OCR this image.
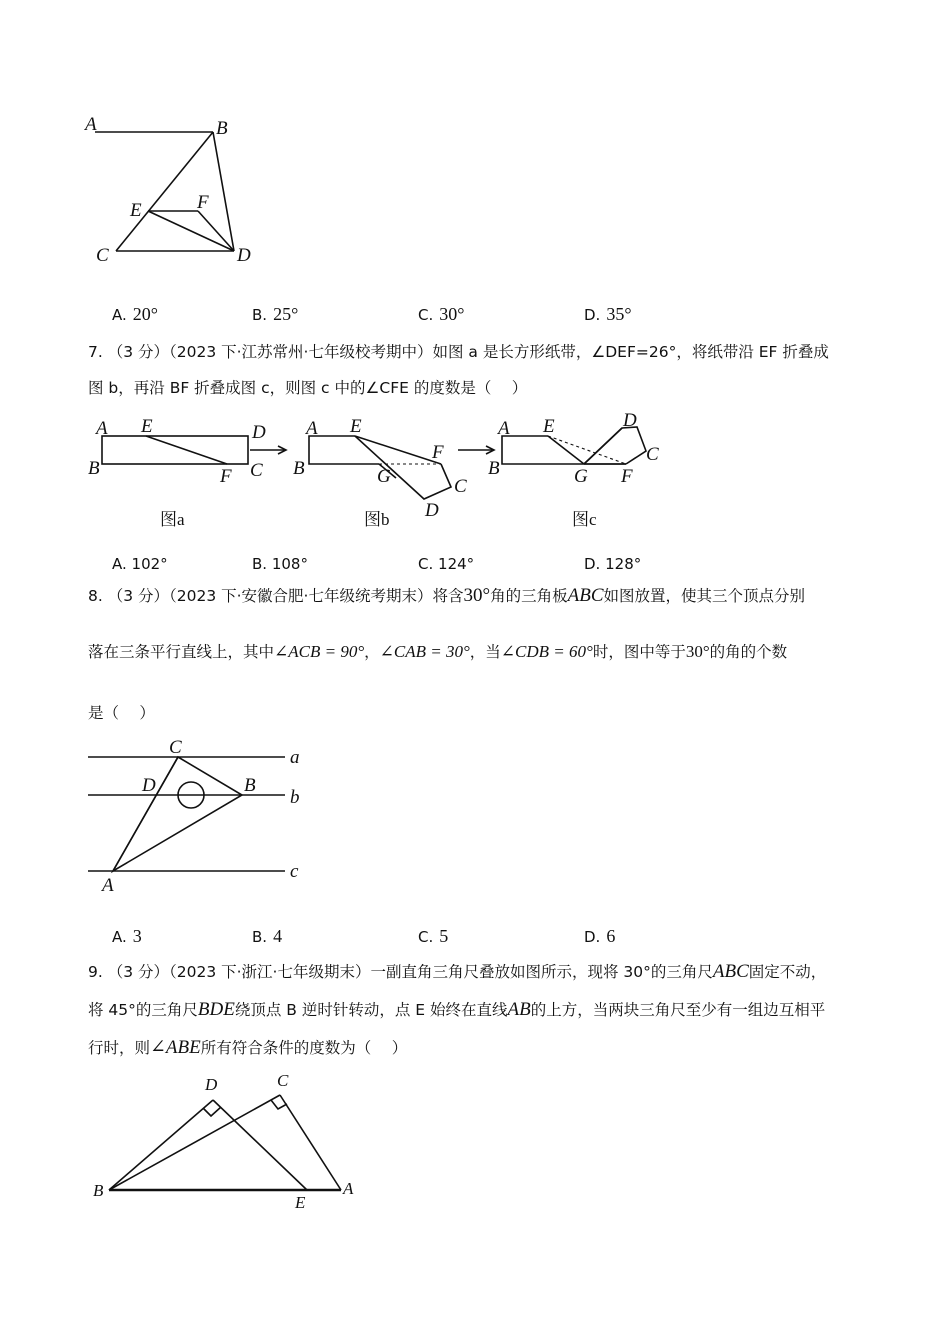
A	B
C	D
E	F
A. 20°	B. 25°	C. 30°	D. 35°
7. （3 分）（2023 下·江苏常州·七年级校考期中）如图 a 是长方形纸带，∠DEF=26°，将纸带沿 EF 折叠成
图 b，再沿 BF 折叠成图 c，则图 c 中的∠CFE 的度数是（　 ）
A E	D
B	F C
A E
B	G
F
C
D
A E
B	G F
C
D
图a	图b	图c
A. 102°	B. 108°	C. 124°	D. 128°
8. （3 分）（2023 下·安徽合肥·七年级统考期末）将含30°角的三角板ABC如图放置，使其三个顶点分别
落在三条平行直线上，其中∠ACB = 90°，∠CAB = 30°，当∠CDB = 60°时，图中等于30°的角的个数
是（　 ）
C
D	B
A
a
b
c
A. 3	B. 4	C. 5	D. 6
9. （3 分）（2023 下·浙江·七年级期末）一副直角三角尺叠放如图所示，现将 30°的三角尺ABC固定不动，
将 45°的三角尺BDE绕顶点 B 逆时针转动，点 E 始终在直线AB的上方，当两块三角尺至少有一组边互相平
行时，则∠ABE所有符合条件的度数为（　 ）
D	C
B
E
A
